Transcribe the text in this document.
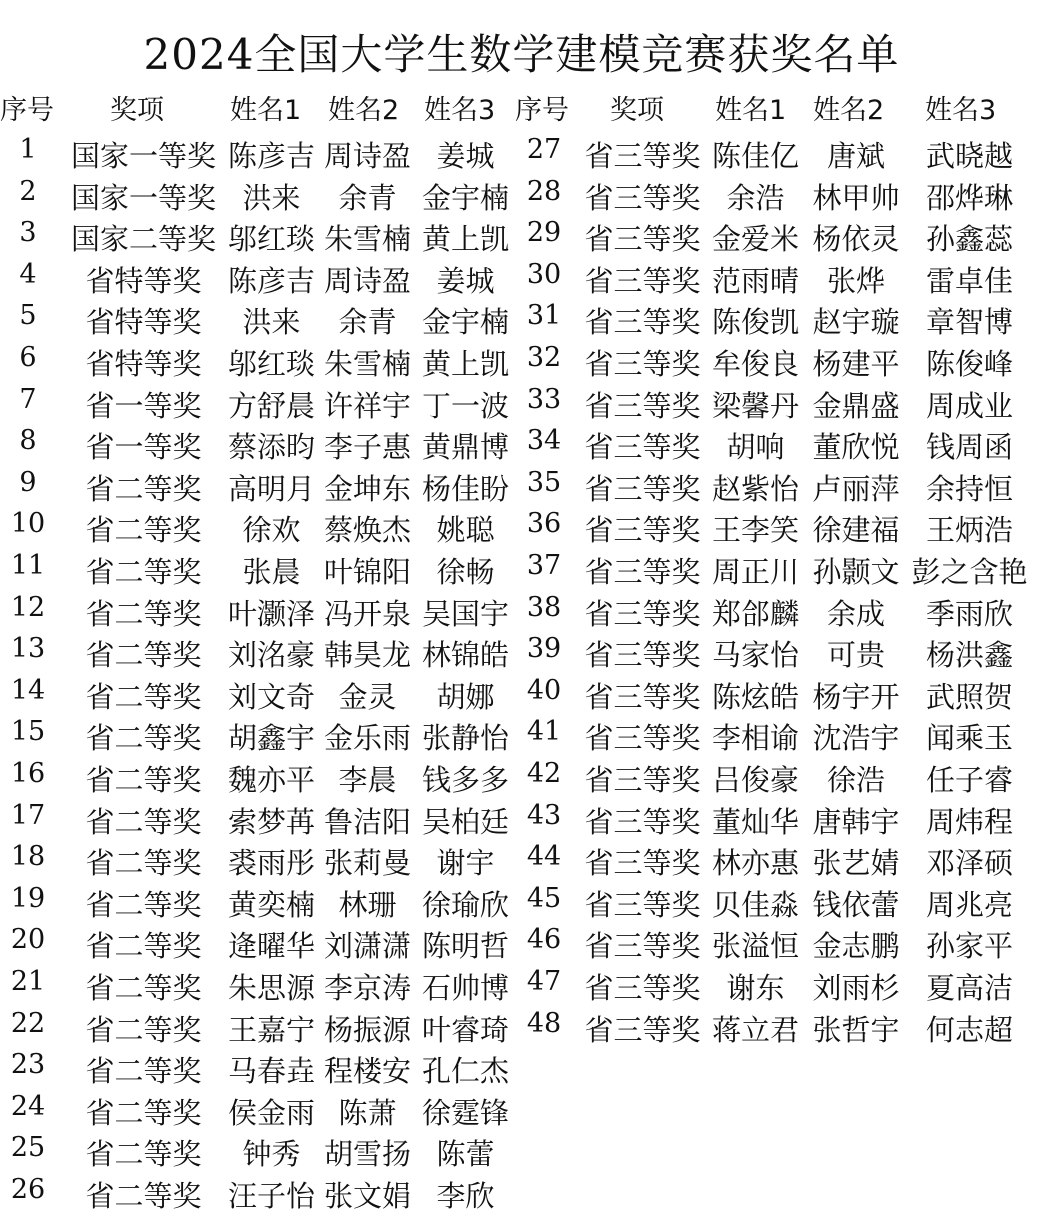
2024全国大学生数学建模竞赛获奖名单
序号 奖项 姓名1 姓名2 姓名3 序号 奖项 姓名1 姓名2 姓名3
1	国家一等奖 陈彦吉 周诗盈 姜城
2	国家一等奖 洪来	余青 金宇楠
3	国家二等奖 邬红琰 朱雪楠 黄上凯
4	省特等奖 陈彦吉 周诗盈 姜城
5	省特等奖	洪来	余青 金宇楠
6	省特等奖 邬红琰 朱雪楠 黄上凯
7	省一等奖 方舒晨 许祥宇 丁一波
8	省一等奖 蔡添昀 李子惠 黄鼎博
9	省二等奖 高明月 金坤东 杨佳盼
10	省二等奖	徐欢 蔡焕杰 姚聪
11	省二等奖	张晨 叶锦阳 徐畅
12	省二等奖 叶灏泽 冯开泉 吴国宇
13	省二等奖 刘洺豪 韩昊龙 林锦皓
14	省二等奖 刘文奇 金灵	胡娜
15	省二等奖 胡鑫宇 金乐雨 张静怡
16	省二等奖 魏亦平 李晨 钱多多
17	省二等奖 索梦苒 鲁洁阳 吴柏廷
18	省二等奖 裘雨彤 张莉曼 谢宇
19	省二等奖 黄奕楠 林珊 徐瑜欣
20	省二等奖 逄曜华 刘潇潇 陈明哲
21	省二等奖 朱思源 李京涛 石帅博
22	省二等奖 王嘉宁 杨振源 叶睿琦
23	省二等奖 马春垚 程楼安 孔仁杰
24	省二等奖 侯金雨 陈萧 徐霆锋
25	省二等奖	钟秀 胡雪扬 陈蕾
26	省二等奖 汪子怡 张文娟 李欣
27 省三等奖 陈佳亿 唐斌	武晓越
28 省三等奖 余浩 林甲帅 邵烨琳
29 省三等奖 金爱米 杨依灵 孙鑫蕊
30 省三等奖 范雨晴 张烨	雷卓佳
31 省三等奖 陈俊凯 赵宇璇 章智博
32 省三等奖 牟俊良 杨建平 陈俊峰
33 省三等奖 梁馨丹 金鼎盛 周成业
34 省三等奖 胡响 董欣悦 钱周函
35 省三等奖 赵紫怡 卢丽萍 余持恒
36 省三等奖 王李笑 徐建福 王炳浩
37 省三等奖 周正川 孙颢文 彭之含艳
38 省三等奖 郑郃麟 余成	季雨欣
39 省三等奖 马家怡 可贵	杨洪鑫
40 省三等奖 陈炫皓 杨宇开 武照贺
41 省三等奖 李相谕 沈浩宇 闻乘玉
42 省三等奖 吕俊豪 徐浩	任子睿
43 省三等奖 董灿华 唐韩宇 周炜程
44 省三等奖 林亦惠 张艺婧 邓泽硕
45 省三等奖 贝佳淼 钱依蕾 周兆亮
46 省三等奖 张溢恒 金志鹏 孙家平
47 省三等奖 谢东 刘雨杉 夏高洁
48 省三等奖 蒋立君 张哲宇 何志超
